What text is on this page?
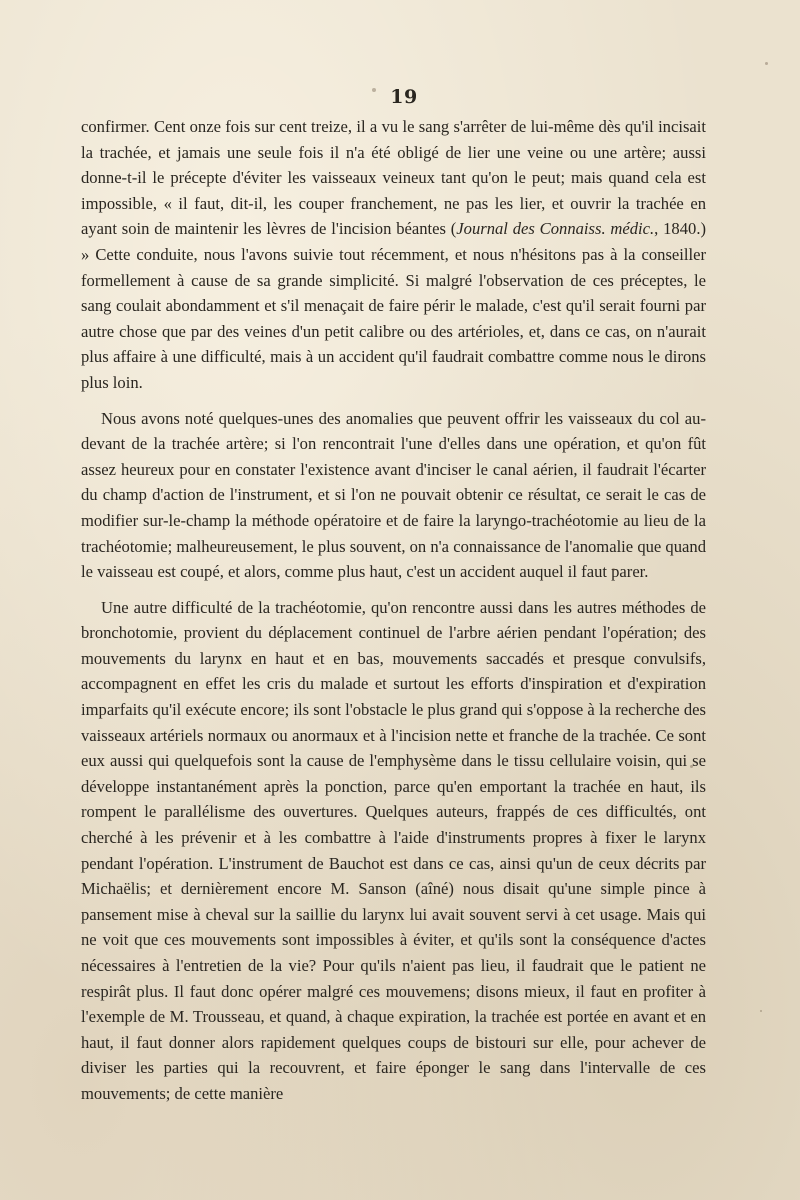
19

confirmer. Cent onze fois sur cent treize, il a vu le sang s'arrêter de lui-même dès qu'il incisait la trachée, et jamais une seule fois il n'a été obligé de lier une veine ou une artère; aussi donne-t-il le précepte d'éviter les vaisseaux veineux tant qu'on le peut; mais quand cela est impossible, « il faut, dit-il, les couper franchement, ne pas les lier, et ouvrir la trachée en ayant soin de maintenir les lèvres de l'incision béantes (Journal des Connaiss. médic., 1840.) » Cette conduite, nous l'avons suivie tout récemment, et nous n'hésitons pas à la conseiller formellement à cause de sa grande simplicité. Si malgré l'observation de ces préceptes, le sang coulait abondamment et s'il menaçait de faire périr le malade, c'est qu'il serait fourni par autre chose que par des veines d'un petit calibre ou des artérioles, et, dans ce cas, on n'aurait plus affaire à une difficulté, mais à un accident qu'il faudrait combattre comme nous le dirons plus loin.

Nous avons noté quelques-unes des anomalies que peuvent offrir les vaisseaux du col au-devant de la trachée artère; si l'on rencontrait l'une d'elles dans une opération, et qu'on fût assez heureux pour en constater l'existence avant d'inciser le canal aérien, il faudrait l'écarter du champ d'action de l'instrument, et si l'on ne pouvait obtenir ce résultat, ce serait le cas de modifier sur-le-champ la méthode opératoire et de faire la laryngo-trachéotomie au lieu de la trachéotomie; malheureusement, le plus souvent, on n'a connaissance de l'anomalie que quand le vaisseau est coupé, et alors, comme plus haut, c'est un accident auquel il faut parer.

Une autre difficulté de la trachéotomie, qu'on rencontre aussi dans les autres méthodes de bronchotomie, provient du déplacement continuel de l'arbre aérien pendant l'opération; des mouvements du larynx en haut et en bas, mouvements saccadés et presque convulsifs, accompagnent en effet les cris du malade et surtout les efforts d'inspiration et d'expiration imparfaits qu'il exécute encore; ils sont l'obstacle le plus grand qui s'oppose à la recherche des vaisseaux artériels normaux ou anormaux et à l'incision nette et franche de la trachée. Ce sont eux aussi qui quelquefois sont la cause de l'emphysème dans le tissu cellulaire voisin, qui se développe instantanément après la ponction, parce qu'en emportant la trachée en haut, ils rompent le parallélisme des ouvertures. Quelques auteurs, frappés de ces difficultés, ont cherché à les prévenir et à les combattre à l'aide d'instruments propres à fixer le larynx pendant l'opération. L'instrument de Bauchot est dans ce cas, ainsi qu'un de ceux décrits par Michaëlis; et dernièrement encore M. Sanson (aîné) nous disait qu'une simple pince à pansement mise à cheval sur la saillie du larynx lui avait souvent servi à cet usage. Mais qui ne voit que ces mouvements sont impossibles à éviter, et qu'ils sont la conséquence d'actes nécessaires à l'entretien de la vie? Pour qu'ils n'aient pas lieu, il faudrait que le patient ne respirât plus. Il faut donc opérer malgré ces mouvemens; disons mieux, il faut en profiter à l'exemple de M. Trousseau, et quand, à chaque expiration, la trachée est portée en avant et en haut, il faut donner alors rapidement quelques coups de bistouri sur elle, pour achever de diviser les parties qui la recouvrent, et faire éponger le sang dans l'intervalle de ces mouvements; de cette manière
